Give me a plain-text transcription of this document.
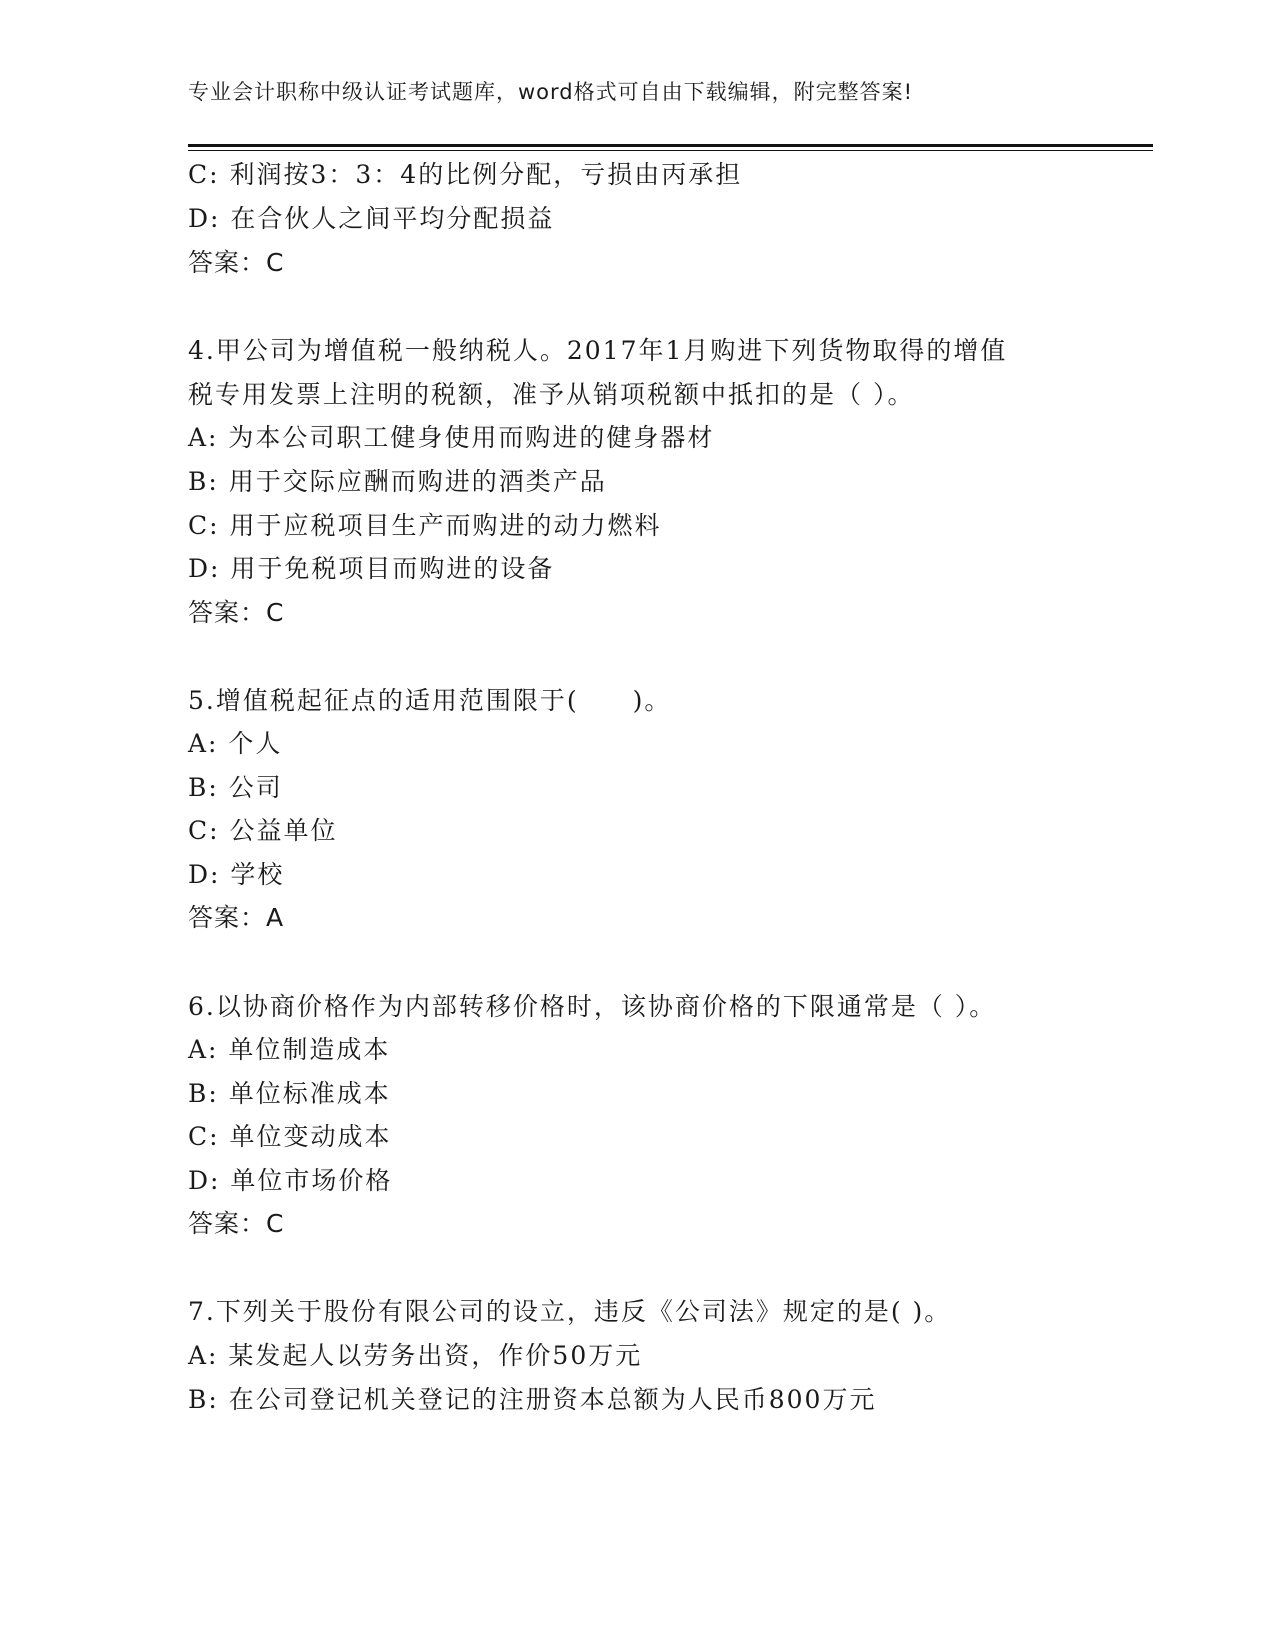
专业会计职称中级认证考试题库，word格式可自由下载编辑，附完整答案!
C: 利润按3：3：4的比例分配，亏损由丙承担
D: 在合伙人之间平均分配损益
答案：C
4.甲公司为增值税一般纳税人。2017年1月购进下列货物取得的增值
税专用发票上注明的税额，准予从销项税额中抵扣的是（ ）。
A: 为本公司职工健身使用而购进的健身器材
B: 用于交际应酬而购进的酒类产品
C: 用于应税项目生产而购进的动力燃料
D: 用于免税项目而购进的设备
答案：C
5.增值税起征点的适用范围限于(　　)。
A: 个人
B: 公司
C: 公益单位
D: 学校
答案：A
6.以协商价格作为内部转移价格时，该协商价格的下限通常是（ ）。
A: 单位制造成本
B: 单位标准成本
C: 单位变动成本
D: 单位市场价格
答案：C
7.下列关于股份有限公司的设立，违反《公司法》规定的是( )。
A: 某发起人以劳务出资，作价50万元
B: 在公司登记机关登记的注册资本总额为人民币800万元
